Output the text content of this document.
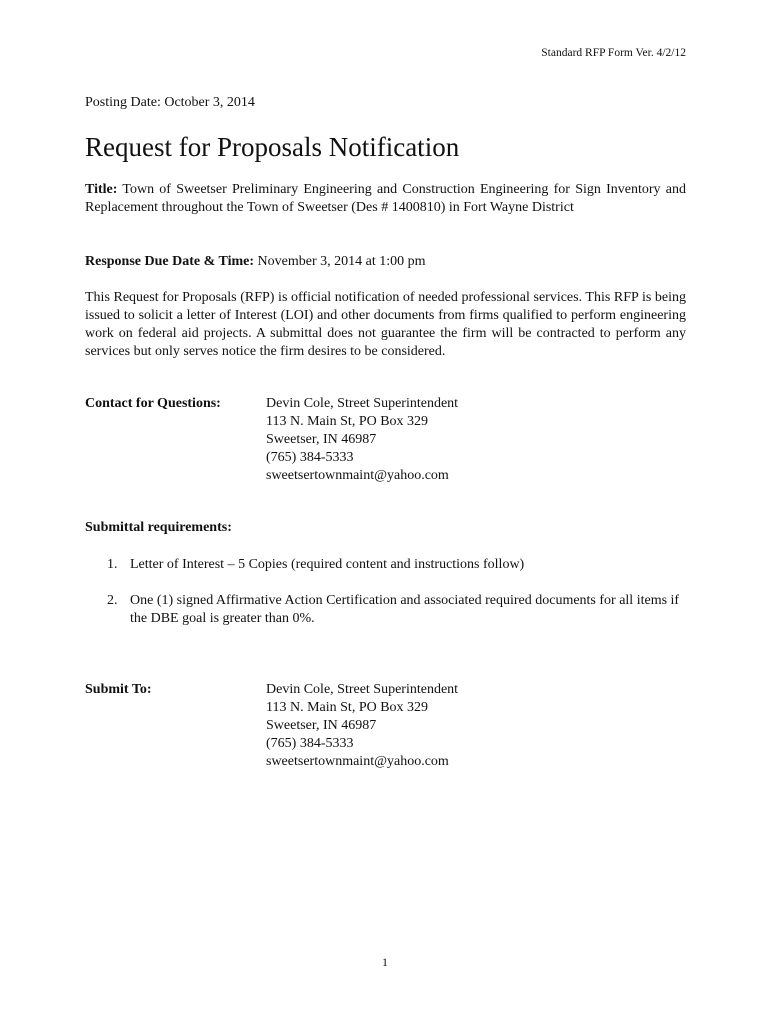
Standard RFP Form Ver. 4/2/12
Posting Date: October 3, 2014
Request for Proposals Notification
Title: Town of Sweetser Preliminary Engineering and Construction Engineering for Sign Inventory and Replacement throughout the Town of Sweetser (Des # 1400810) in Fort Wayne District
Response Due Date & Time: November 3, 2014 at 1:00 pm
This Request for Proposals (RFP) is official notification of needed professional services. This RFP is being issued to solicit a letter of Interest (LOI) and other documents from firms qualified to perform engineering work on federal aid projects. A submittal does not guarantee the firm will be contracted to perform any services but only serves notice the firm desires to be considered.
Contact for Questions:	Devin Cole, Street Superintendent
113 N. Main St, PO Box 329
Sweetser, IN 46987
(765) 384-5333
sweetsertownmaint@yahoo.com
Submittal requirements:
1. Letter of Interest – 5 Copies (required content and instructions follow)
2. One (1) signed Affirmative Action Certification and associated required documents for all items if the DBE goal is greater than 0%.
Submit To:	Devin Cole, Street Superintendent
113 N. Main St, PO Box 329
Sweetser, IN 46987
(765) 384-5333
sweetsertownmaint@yahoo.com
1
